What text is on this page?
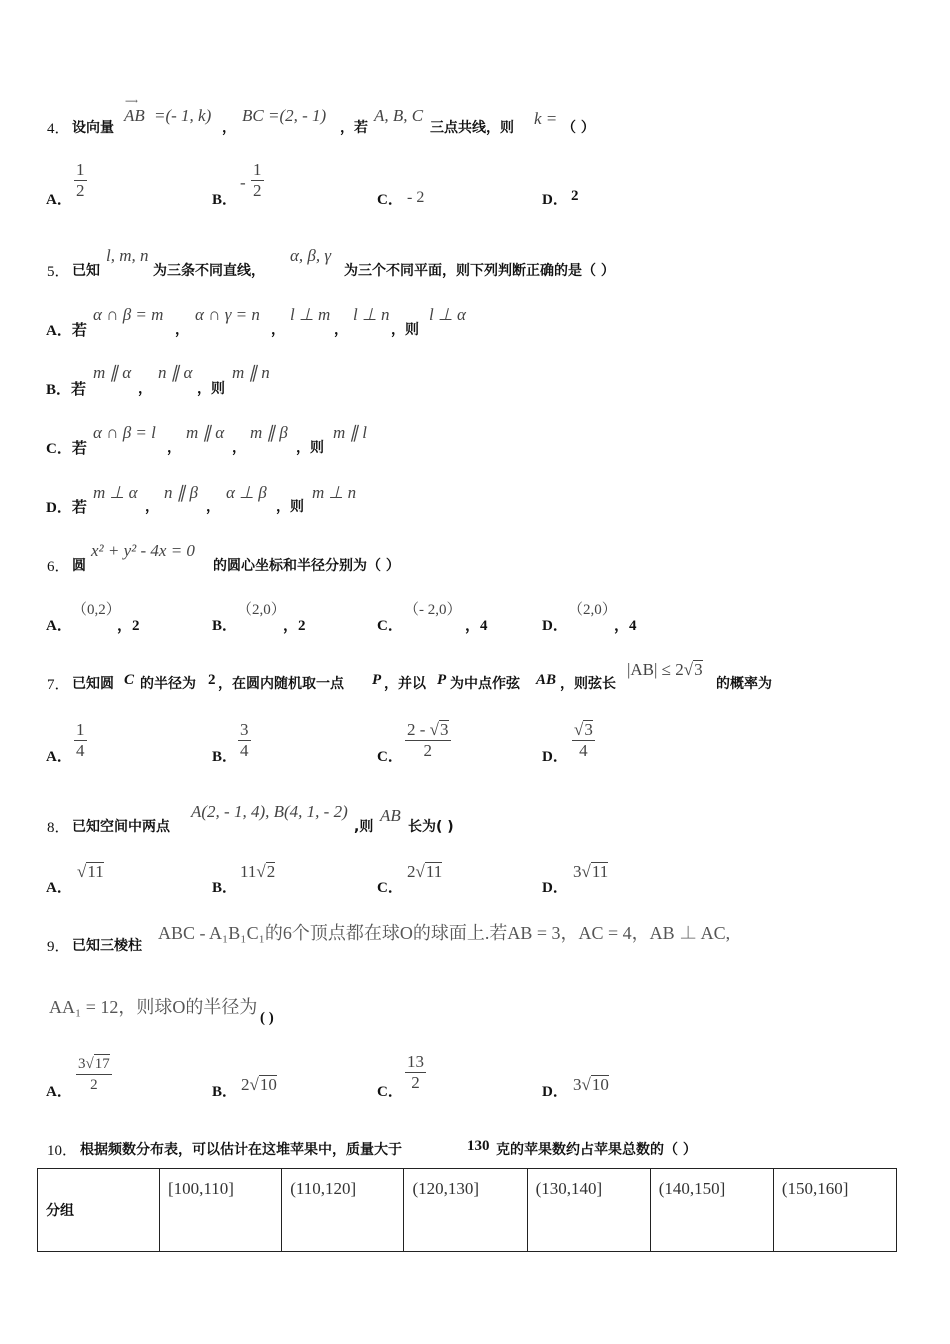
4． 设向量
⟶
AB =(- 1, k)
，
BC =(2, - 1)
，若
A, B, C
三点共线，则 k = （ ）
A． $\frac{1}{2}$	B．
- $\frac{1}{2}$	C． - 2	D． 2
5． 已知
l, m, n
为三条不同直线，
α, β, γ
为三个不同平面，则下列判断正确的是（ ）
A．若
α ∩ β = m
，
α ∩ γ = n
，
l ⊥ m
，
l ⊥ n
，则
l ⊥ α
B．若
m ∥ α
，
n ∥ α
，则
m ∥ n
C．若
α ∩ β = l
，
m ∥ α
，
m ∥ β
，则
m ∥ l
D．若
m ⊥ α
，
n ∥ β
，
α ⊥ β
，则
m ⊥ n
6． 圆
x² + y² - 4x = 0
的圆心坐标和半径分别为（ ）
A．
（0,2）
，2	B．
（2,0）
，2	C．
（- 2,0）
，4	D．
（2,0）
，4
7． 已知圆 C 的半径为 2 ，在圆内随机取一点 P ，并以 P 为中点作弦 AB ，则弦长
|AB| ≤ 2√3
的概率为
A． $\frac{1}{4}$	B． $\frac{3}{4}$	C． $\frac{2 - √3}{2}$	D． $\frac{√3}{4}$
8． 已知空间中两点
A(2, - 1, 4), B(4, 1, - 2)
,则
AB
长为( )
A．
√11
B．
11√2
C．
2√11
D．
3√11
9． 已知三棱柱
ABC - A₁B₁C₁的6个顶点都在球O的球面上.若AB = 3，AC = 4，AB ⊥ AC,
AA₁ = 12，则球O的半径为
( )
A． $\frac{3√17}{2}$	B． 2√10	C． $\frac{13}{2}$	D． 3√10
10． 根据频数分布表，可以估计在这堆苹果中，质量大于	130 克的苹果数约占苹果总数的（ ）
分组	[100,110]	(110,120]	(120,130]	(130,140]	(140,150]	(150,160]
